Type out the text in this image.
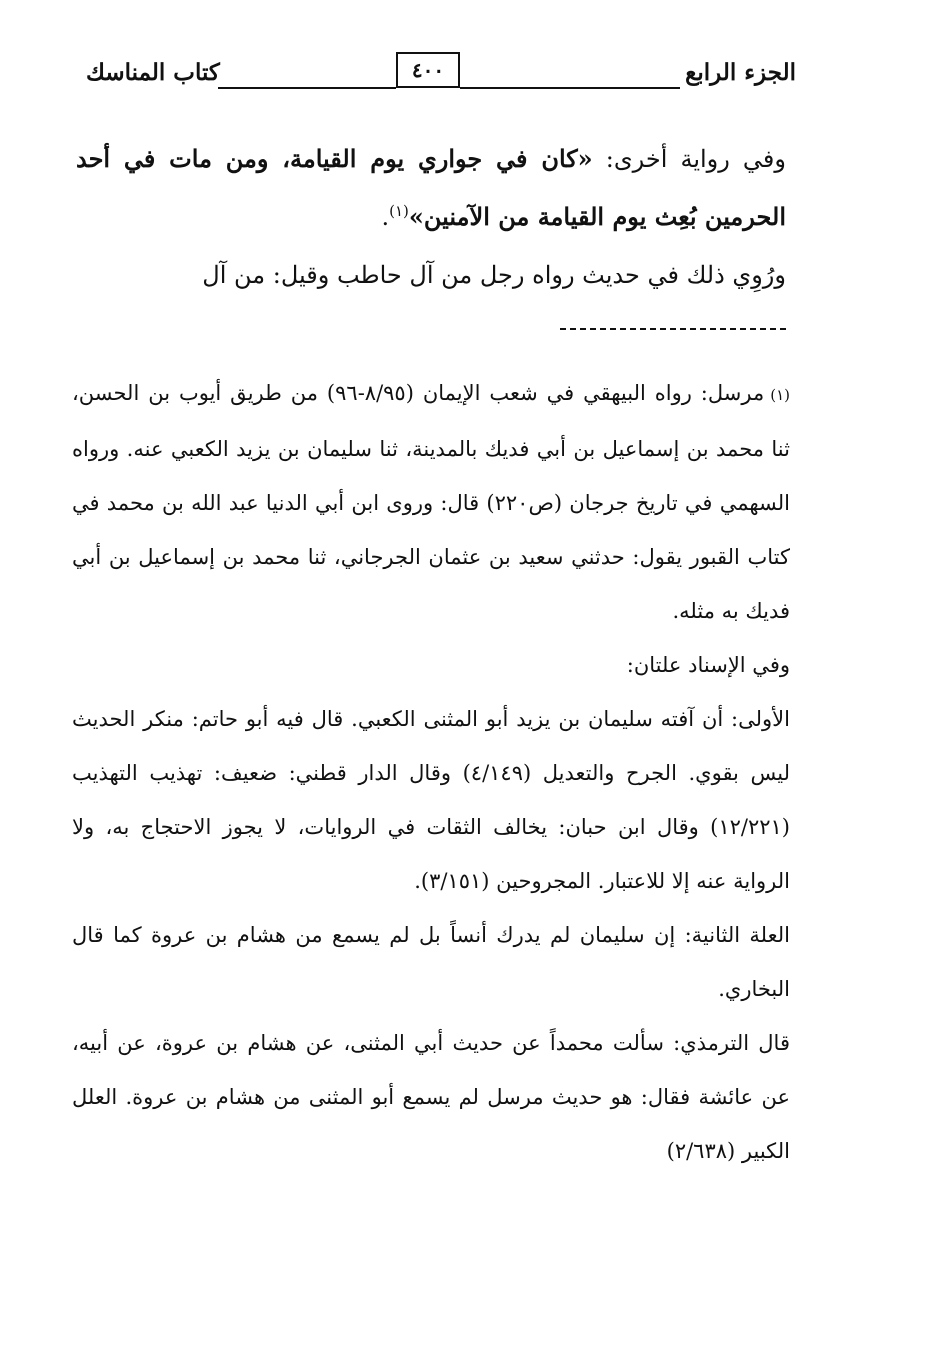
الجزء الرابع
٤٠٠
كتاب المناسك

وفي رواية أخرى: «كان في جواري يوم القيامة، ومن مات في أحد الحرمين بُعِث يوم القيامة من الآمنين»$^{(١)}$.

ورُوِي ذلك في حديث رواه رجل من آل حاطب وقيل: من آل

(١)مرسل: رواه البيهقي في شعب الإيمان (٨/٩٥-٩٦) من طريق أيوب بن الحسن، ثنا محمد بن إسماعيل بن أبي فديك بالمدينة، ثنا سليمان بن يزيد الكعبي عنه. ورواه السهمي في تاريخ جرجان (ص٢٢٠) قال: وروى ابن أبي الدنيا عبد الله بن محمد في كتاب القبور يقول: حدثني سعيد بن عثمان الجرجاني، ثنا محمد بن إسماعيل بن أبي فديك به مثله.

وفي الإسناد علتان:

الأولى: أن آفته سليمان بن يزيد أبو المثنى الكعبي. قال فيه أبو حاتم: منكر الحديث ليس بقوي. الجرح والتعديل (٤/١٤٩) وقال الدار قطني: ضعيف: تهذيب التهذيب (١٢/٢٢١) وقال ابن حبان: يخالف الثقات في الروايات، لا يجوز الاحتجاج به، ولا الرواية عنه إلا للاعتبار. المجروحين (٣/١٥١).

العلة الثانية: إن سليمان لم يدرك أنساً بل لم يسمع من هشام بن عروة كما قال البخاري.

قال الترمذي: سألت محمداً عن حديث أبي المثنى، عن هشام بن عروة، عن أبيه، عن عائشة فقال: هو حديث مرسل لم يسمع أبو المثنى من هشام بن عروة. العلل الكبير (٢/٦٣٨)
